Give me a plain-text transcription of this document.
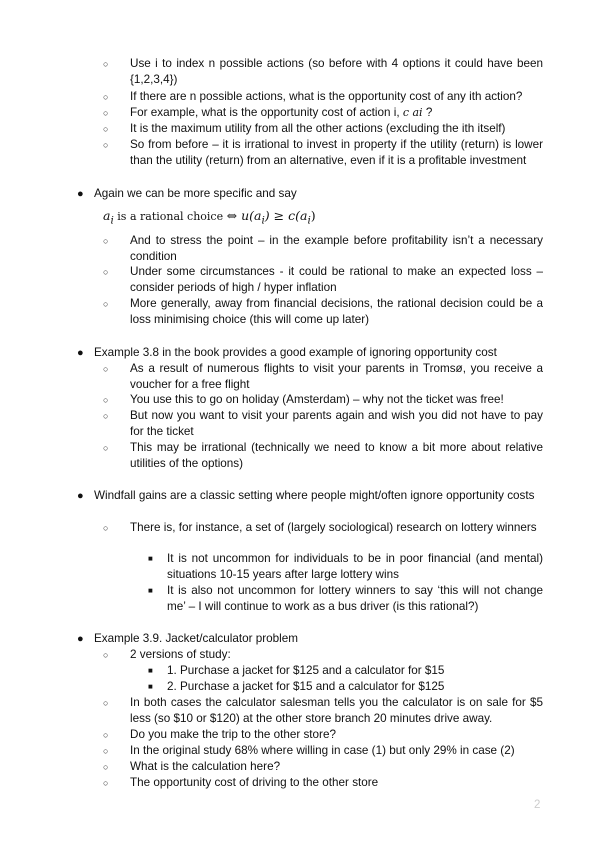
○ Use i to index n possible actions (so before with 4 options it could have been {1,2,3,4})
○ If there are n possible actions, what is the opportunity cost of any ith action?
○ For example, what is the opportunity cost of action i, c ai ?
○ It is the maximum utility from all the other actions (excluding the ith itself)
○ So from before – it is irrational to invest in property if the utility (return) is lower than the utility (return) from an alternative, even if it is a profitable investment
● Again we can be more specific and say
$a_i$ is a rational choice ⇔ $u(a_i) \ge c(a_i)$
○ And to stress the point – in the example before profitability isn’t a necessary condition
○ Under some circumstances - it could be rational to make an expected loss – consider periods of high / hyper inflation
○ More generally, away from financial decisions, the rational decision could be a loss minimising choice (this will come up later)
● Example 3.8 in the book provides a good example of ignoring opportunity cost
○ As a result of numerous flights to visit your parents in Tromsø, you receive a voucher for a free flight
○ You use this to go on holiday (Amsterdam) – why not the ticket was free!
○ But now you want to visit your parents again and wish you did not have to pay for the ticket
○ This may be irrational (technically we need to know a bit more about relative utilities of the options)
● Windfall gains are a classic setting where people might/often ignore opportunity costs
○ There is, for instance, a set of (largely sociological) research on lottery winners
■ It is not uncommon for individuals to be in poor financial (and mental) situations 10-15 years after large lottery wins
■ It is also not uncommon for lottery winners to say ‘this will not change me’ – I will continue to work as a bus driver (is this rational?)
● Example 3.9. Jacket/calculator problem
○ 2 versions of study:
■ 1. Purchase a jacket for $125 and a calculator for $15
■ 2. Purchase a jacket for $15 and a calculator for $125
○ In both cases the calculator salesman tells you the calculator is on sale for $5 less (so $10 or $120) at the other store branch 20 minutes drive away.
○ Do you make the trip to the other store?
○ In the original study 68% where willing in case (1) but only 29% in case (2)
○ What is the calculation here?
○ The opportunity cost of driving to the other store
2
